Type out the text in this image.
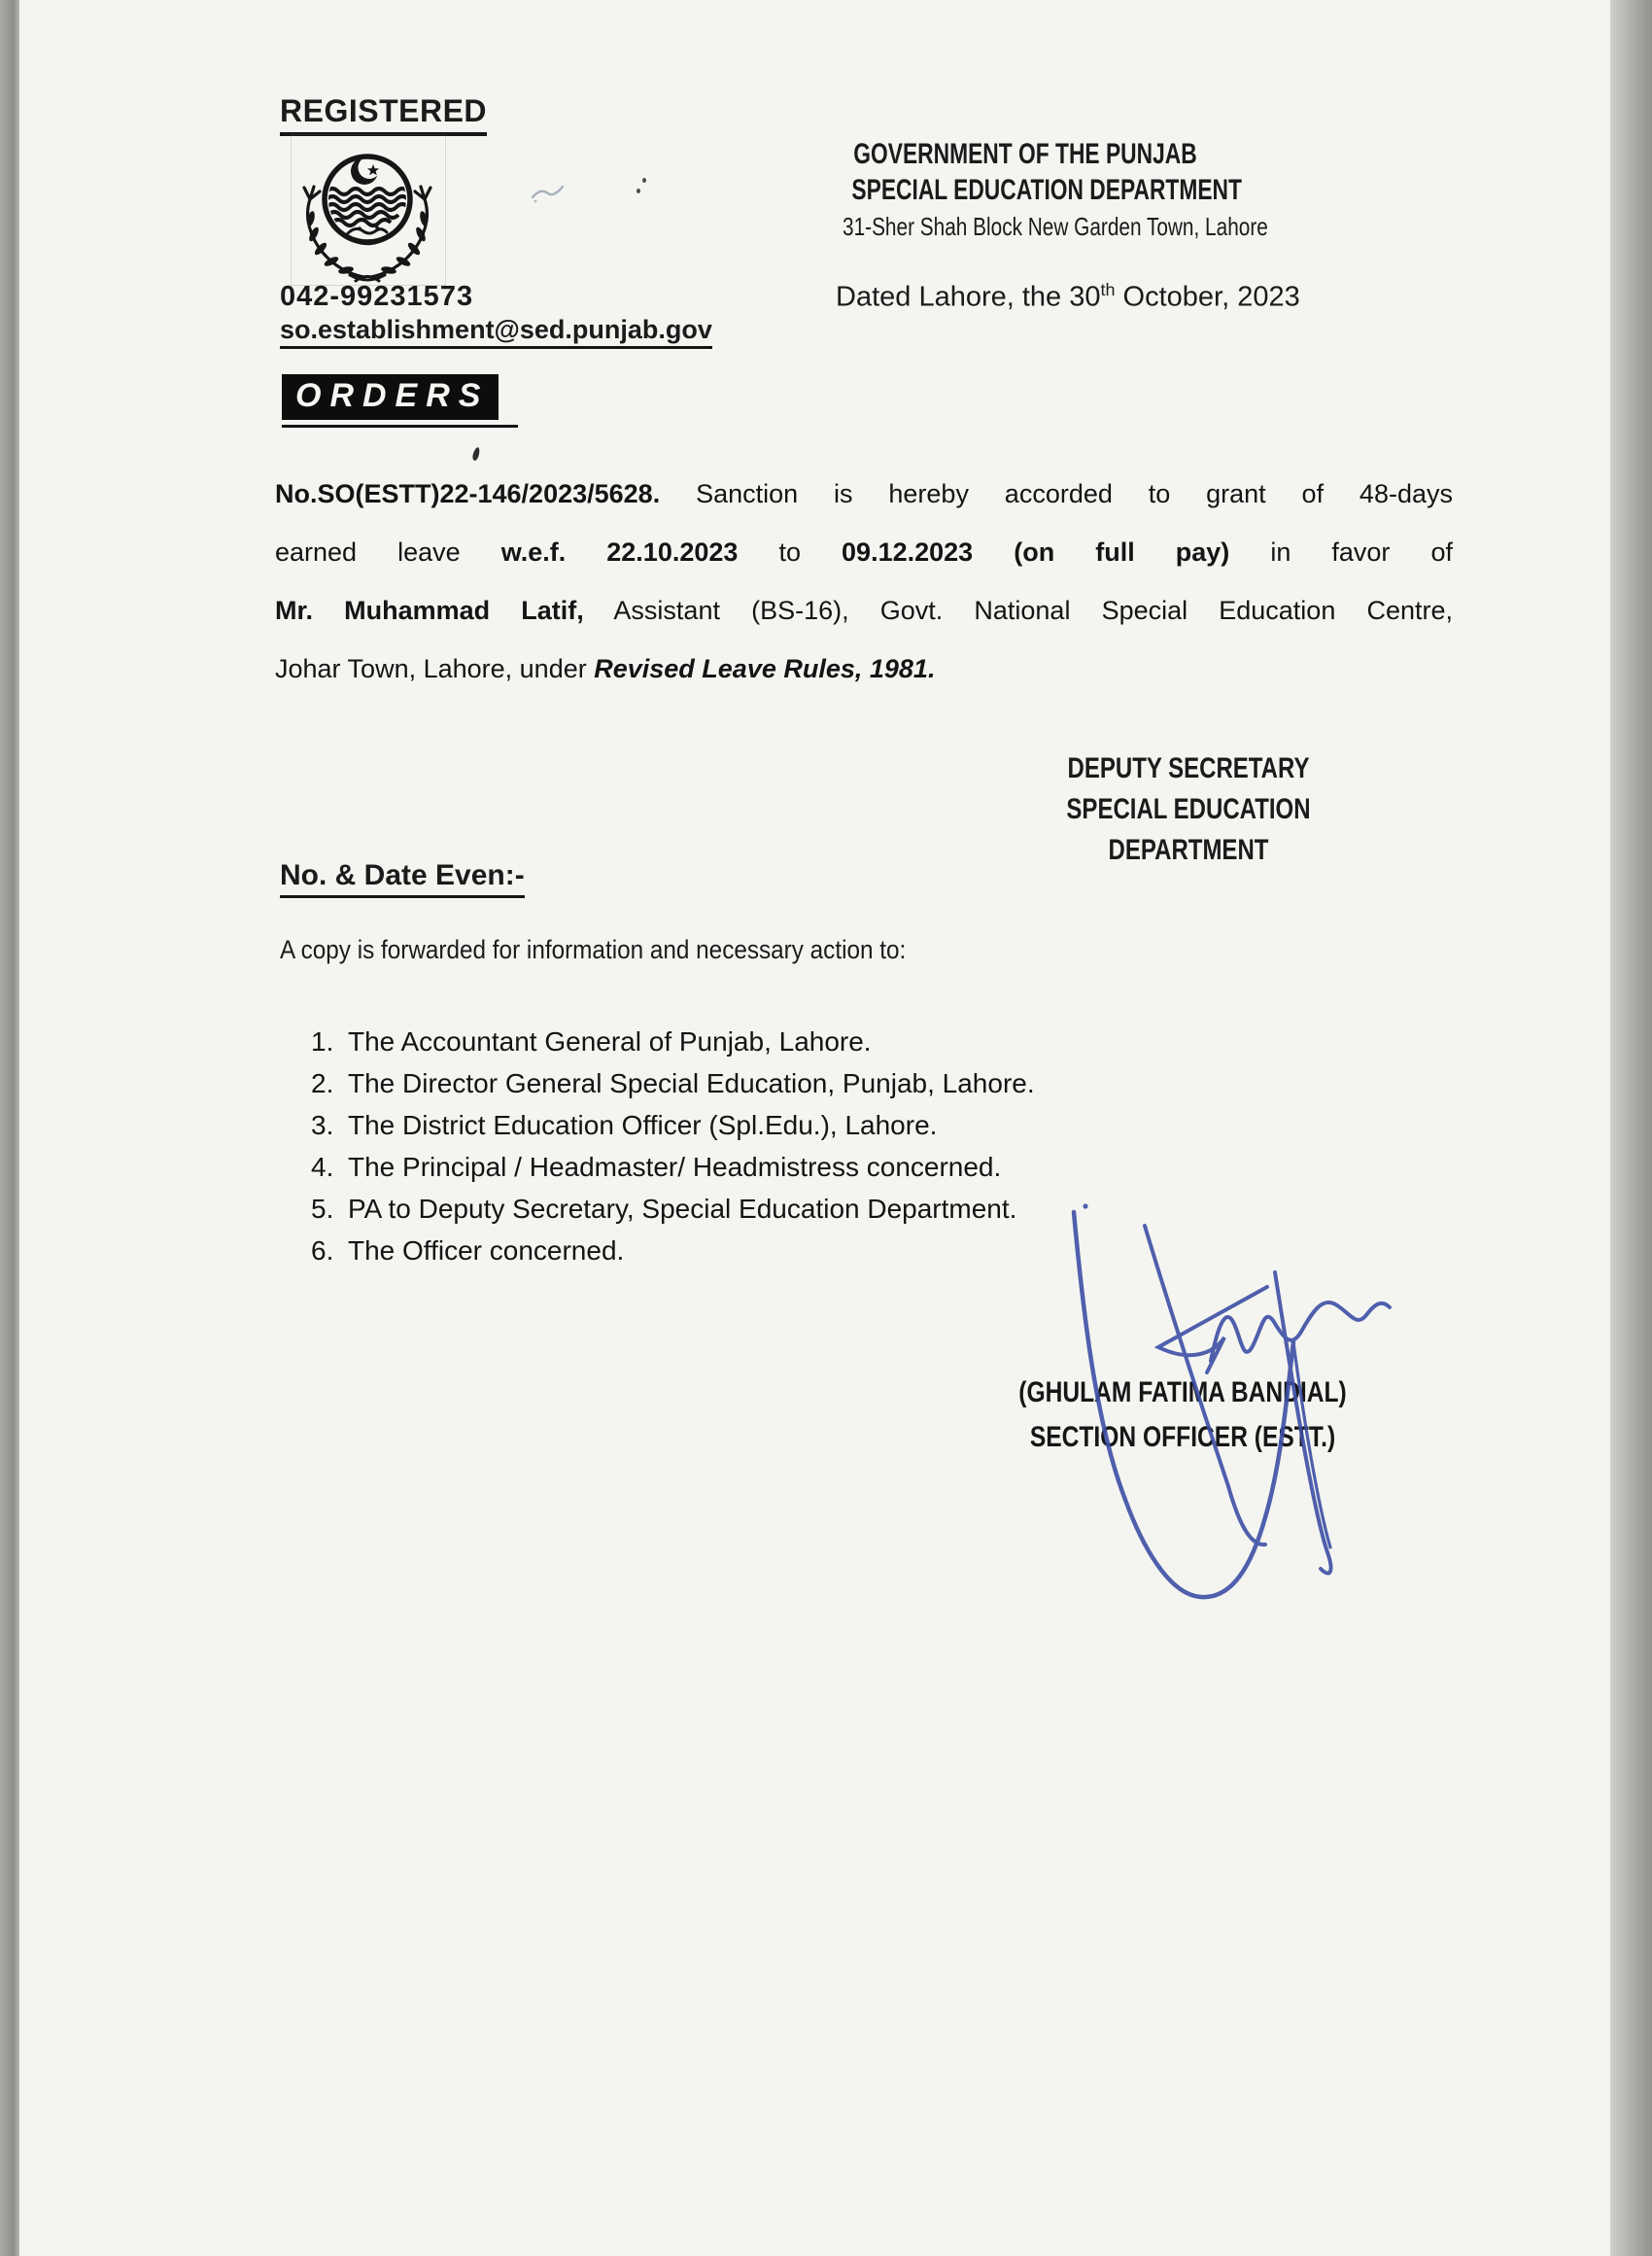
REGISTERED
042-99231573
so.establishment@sed.punjab.gov
GOVERNMENT OF THE PUNJAB
SPECIAL EDUCATION DEPARTMENT
31-Sher Shah Block New Garden Town, Lahore
Dated Lahore, the 30th October, 2023
ORDERS
No.SO(ESTT)22-146/2023/5628. Sanction is hereby accorded to grant of 48-days
earned leave w.e.f. 22.10.2023 to 09.12.2023 (on full pay) in favor of
Mr. Muhammad Latif, Assistant (BS-16), Govt. National Special Education Centre,
Johar Town, Lahore, under Revised Leave Rules, 1981.
DEPUTY SECRETARY
SPECIAL EDUCATION
DEPARTMENT
No. & Date Even:-
A copy is forwarded for information and necessary action to:
1. The Accountant General of Punjab, Lahore.
2. The Director General Special Education, Punjab, Lahore.
3. The District Education Officer (Spl.Edu.), Lahore.
4. The Principal / Headmaster/ Headmistress concerned.
5. PA to Deputy Secretary, Special Education Department.
6. The Officer concerned.
(GHULAM FATIMA BANDIAL)
SECTION OFFICER (ESTT.)
